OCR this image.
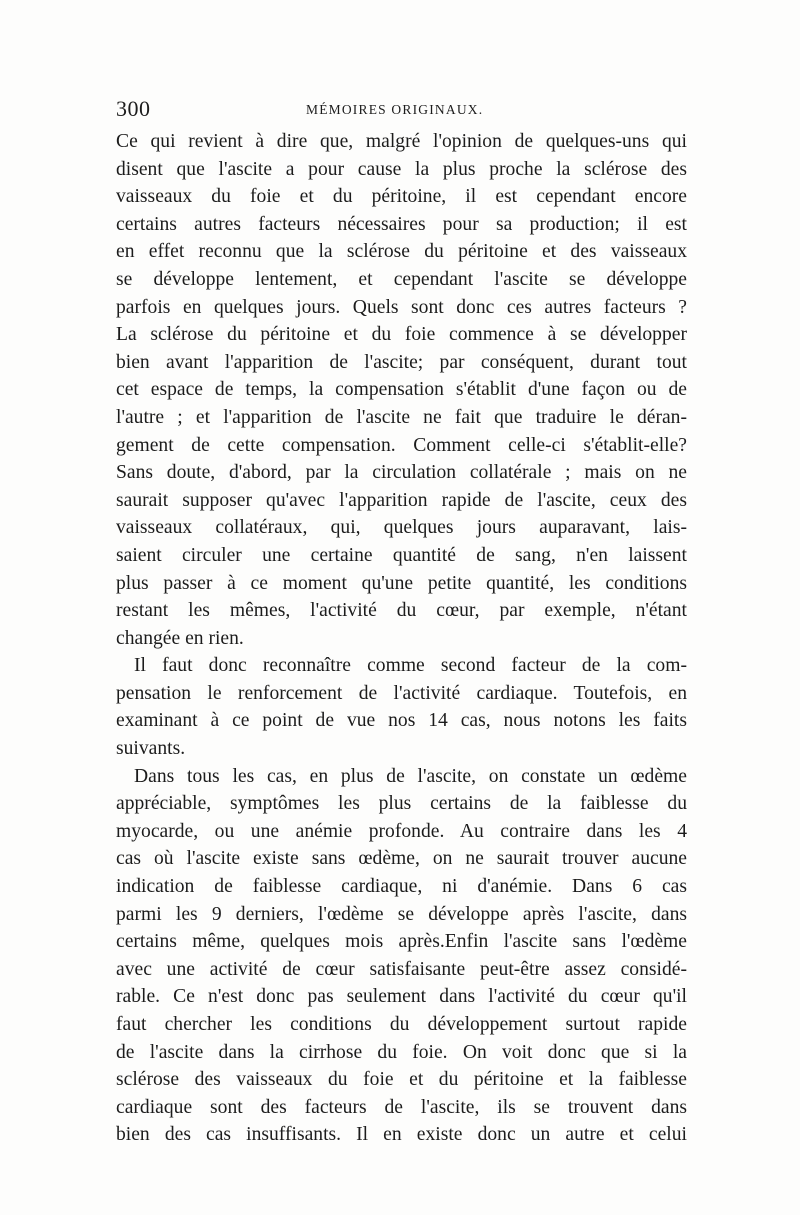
300	MÉMOIRES ORIGINAUX.
Ce qui revient à dire que, malgré l'opinion de quelques-uns qui
disent que l'ascite a pour cause la plus proche la sclérose des
vaisseaux du foie et du péritoine, il est cependant encore
certains autres facteurs nécessaires pour sa production; il est
en effet reconnu que la sclérose du péritoine et des vaisseaux
se développe lentement, et cependant l'ascite se développe
parfois en quelques jours. Quels sont donc ces autres facteurs ?
La sclérose du péritoine et du foie commence à se développer
bien avant l'apparition de l'ascite; par conséquent, durant tout
cet espace de temps, la compensation s'établit d'une façon ou de
l'autre ; et l'apparition de l'ascite ne fait que traduire le déran-
gement de cette compensation. Comment celle-ci s'établit-elle?
Sans doute, d'abord, par la circulation collatérale ; mais on ne
saurait supposer qu'avec l'apparition rapide de l'ascite, ceux des
vaisseaux collatéraux, qui, quelques jours auparavant, lais-
saient circuler une certaine quantité de sang, n'en laissent
plus passer à ce moment qu'une petite quantité, les conditions
restant les mêmes, l'activité du cœur, par exemple, n'étant
changée en rien.
Il faut donc reconnaître comme second facteur de la com-
pensation le renforcement de l'activité cardiaque. Toutefois, en
examinant à ce point de vue nos 14 cas, nous notons les faits
suivants.
Dans tous les cas, en plus de l'ascite, on constate un œdème
appréciable, symptômes les plus certains de la faiblesse du
myocarde, ou une anémie profonde. Au contraire dans les 4
cas où l'ascite existe sans œdème, on ne saurait trouver aucune
indication de faiblesse cardiaque, ni d'anémie. Dans 6 cas
parmi les 9 derniers, l'œdème se développe après l'ascite, dans
certains même, quelques mois après.Enfin l'ascite sans l'œdème
avec une activité de cœur satisfaisante peut-être assez considé-
rable. Ce n'est donc pas seulement dans l'activité du cœur qu'il
faut chercher les conditions du développement surtout rapide
de l'ascite dans la cirrhose du foie. On voit donc que si la
sclérose des vaisseaux du foie et du péritoine et la faiblesse
cardiaque sont des facteurs de l'ascite, ils se trouvent dans
bien des cas insuffisants. Il en existe donc un autre et celui
